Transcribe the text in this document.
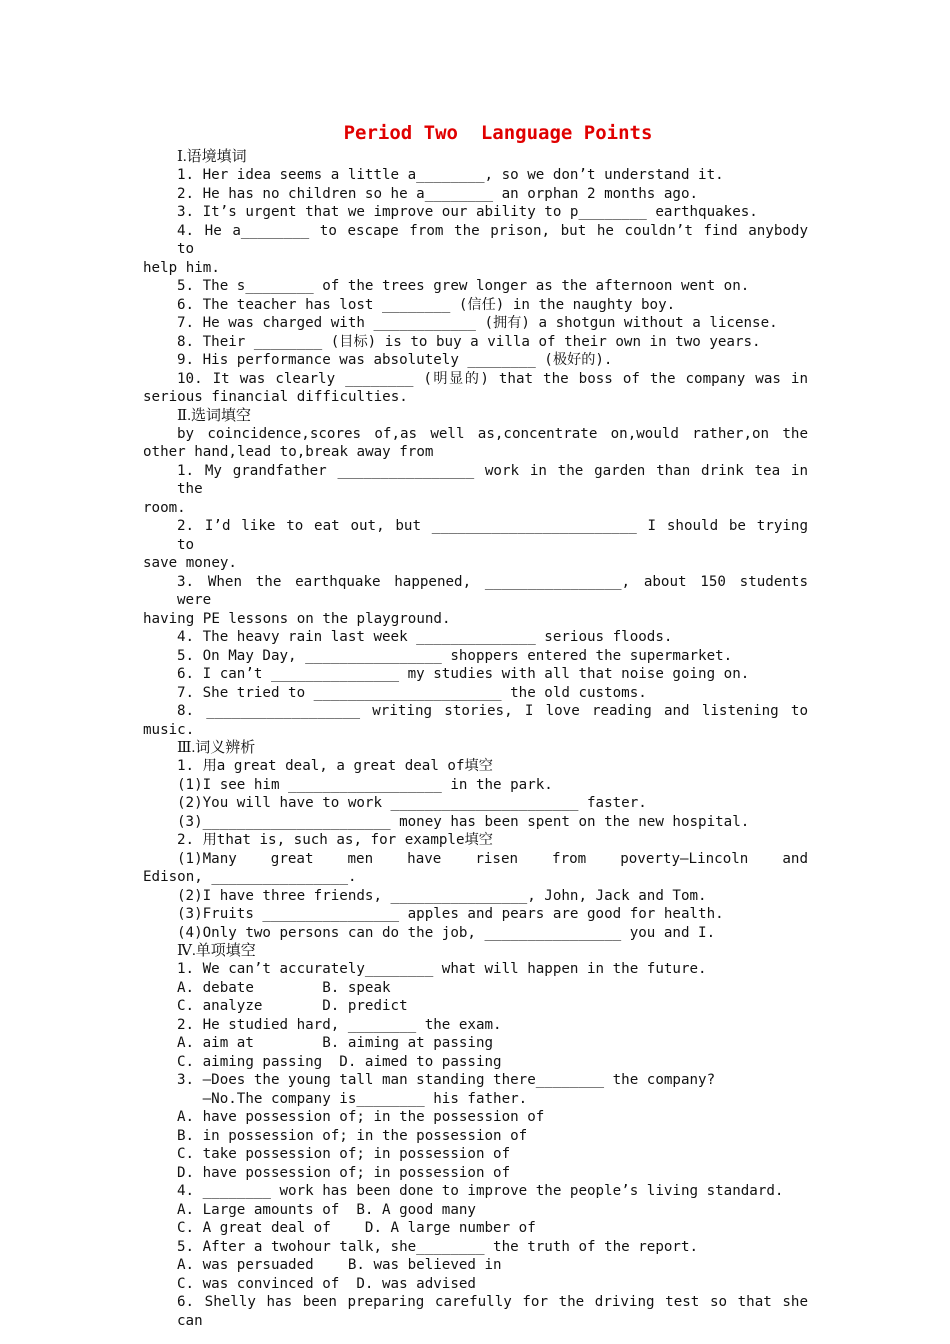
Period Two  Language Points
Ⅰ.语境填词
1. Her idea seems a little a________, so we don’t understand it.
2. He has no children so he a________ an orphan 2 months ago.
3. It’s urgent that we improve our ability to p________ earthquakes.
4. He a________ to escape from the prison, but he couldn’t find anybody to
help him.
5. The s________ of the trees grew longer as the afternoon went on.
6. The teacher has lost ________ (信任) in the naughty boy.
7. He was charged with ____________ (拥有) a shotgun without a license.
8. Their ________ (目标) is to buy a villa of their own in two years.
9. His performance was absolutely ________ (极好的).
10. It was clearly ________ (明显的) that the boss of the company was in
serious financial difficulties.
Ⅱ.选词填空
by coincidence,scores of,as well as,concentrate on,would rather,on the
other hand,lead to,break away from
1. My grandfather ________________ work in the garden than drink tea in the
room.
2. I’d like to eat out, but ________________________ I should be trying to
save money.
3. When the earthquake happened, ________________, about 150 students were
having PE lessons on the playground.
4. The heavy rain last week ______________ serious floods.
5. On May Day, ________________ shoppers entered the supermarket.
6. I can’t _______________ my studies with all that noise going on.
7. She tried to ______________________ the old customs.
8. __________________ writing stories, I love reading and listening to
music.
Ⅲ.词义辨析
1. 用a great deal, a great deal of填空
(1)I see him __________________ in the park.
(2)You will have to work ______________________ faster.
(3)______________________ money has been spent on the new hospital.
2. 用that is, such as, for example填空
(1)Many great men have risen from poverty—Lincoln and
Edison, ________________.
(2)I have three friends, ________________, John, Jack and Tom.
(3)Fruits ________________ apples and pears are good for health.
(4)Only two persons can do the job, ________________ you and I.
Ⅳ.单项填空
1. We can’t accurately________ what will happen in the future.
A. debate        B. speak
C. analyze       D. predict
2. He studied hard, ________ the exam.
A. aim at        B. aiming at passing
C. aiming passing  D. aimed to passing
3. —Does the young tall man standing there________ the company?
—No.The company is________ his father.
A. have possession of; in the possession of
B. in possession of; in the possession of
C. take possession of; in possession of
D. have possession of; in possession of
4. ________ work has been done to improve the people’s living standard.
A. Large amounts of  B. A good many
C. A great deal of    D. A large number of
5. After a twohour talk, she________ the truth of the report.
A. was persuaded    B. was believed in
C. was convinced of  D. was advised
6. Shelly has been preparing carefully for the driving test so that she can
